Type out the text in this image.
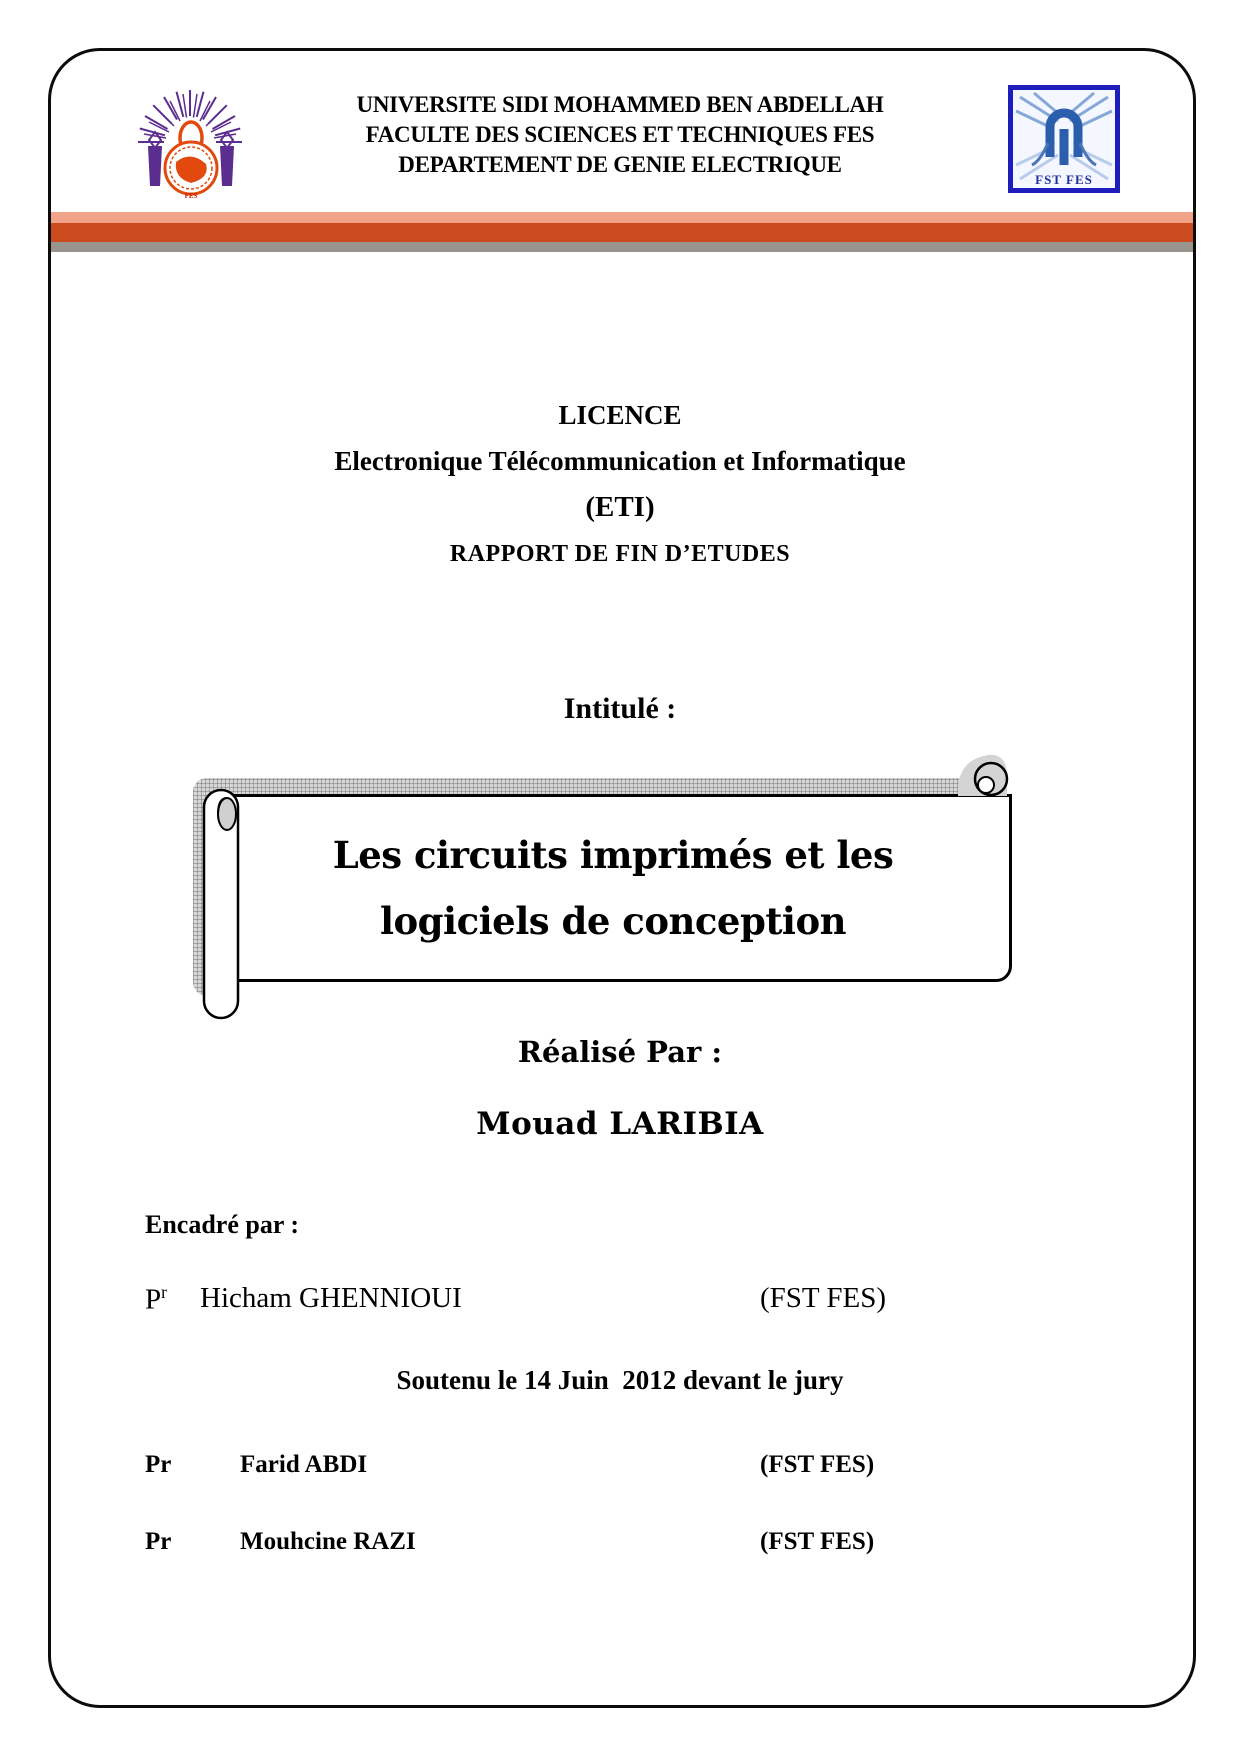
FES
FST FES
UNIVERSITE SIDI MOHAMMED BEN ABDELLAH
FACULTE DES SCIENCES ET TECHNIQUES FES
DEPARTEMENT DE GENIE ELECTRIQUE
LICENCE
Electronique Télécommunication et Informatique
(ETI)
RAPPORT DE FIN D’ETUDES
Intitulé :
Les circuits imprimés et les
logiciels de conception
Réalisé Par :
Mouad LARIBIA
Encadré par :
$P^r$ Hicham GHENNIOUI	(FST FES)
Soutenu le 14 Juin  2012 devant le jury
Pr	Farid ABDI	(FST FES)
Pr	Mouhcine RAZI	(FST FES)
